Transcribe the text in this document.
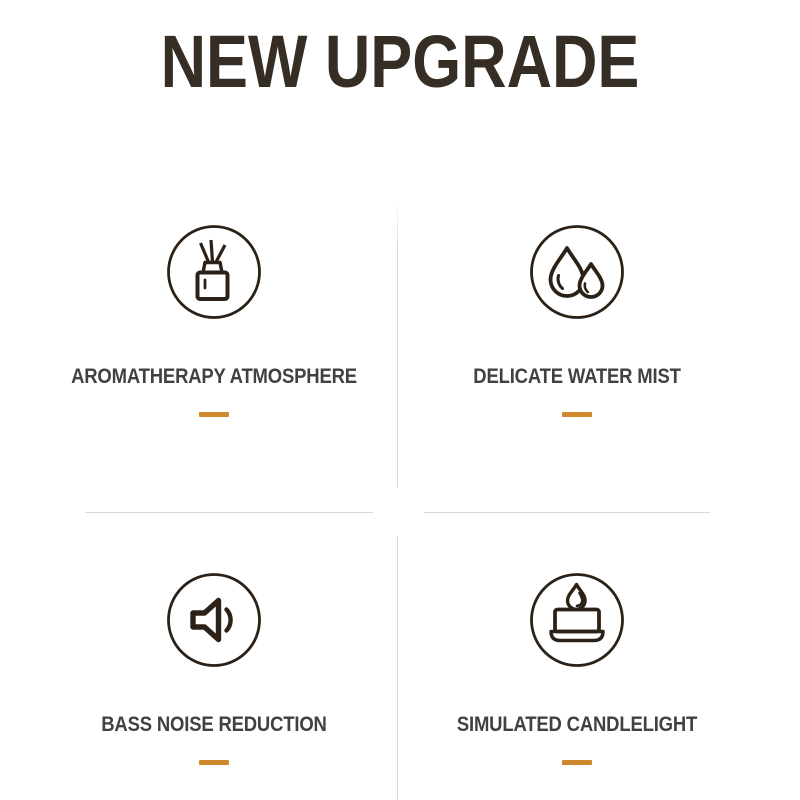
NEW UPGRADE
AROMATHERAPY ATMOSPHERE	DELICATE WATER MIST
BASS NOISE REDUCTION	SIMULATED CANDLELIGHT
